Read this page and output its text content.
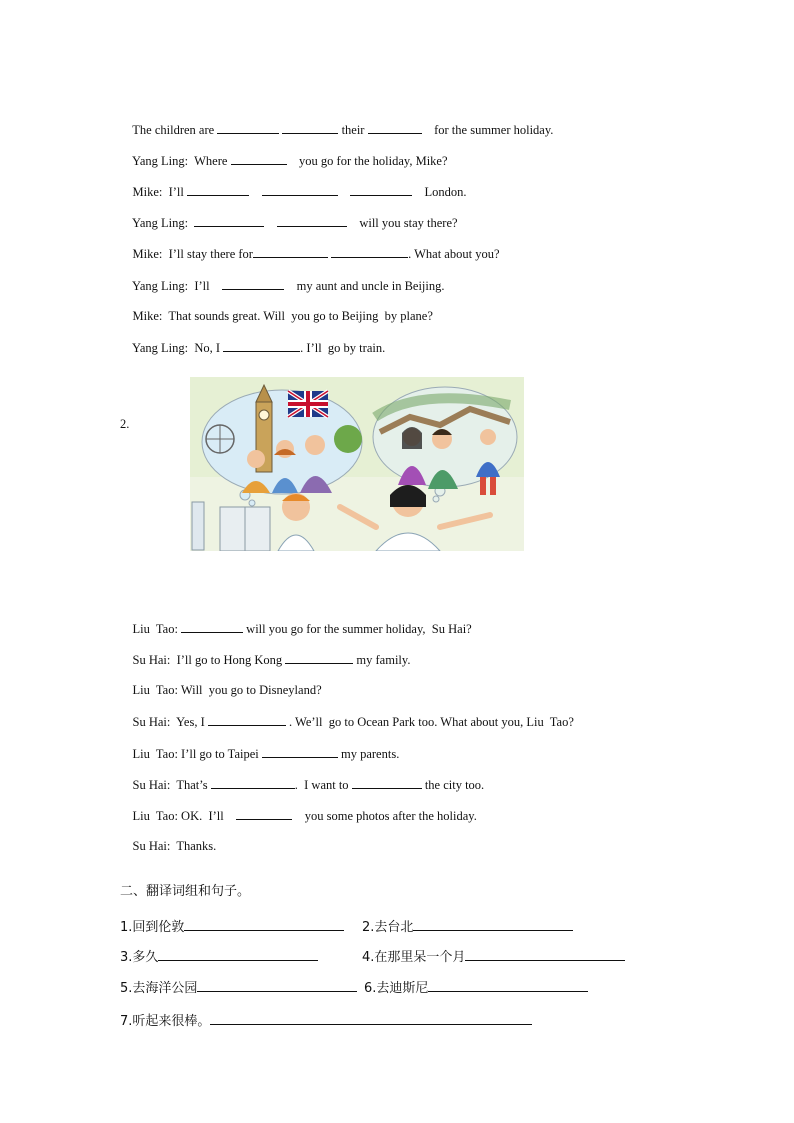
The children are	their	for the summer holiday.

Yang Ling:  Where	you go for the holiday, Mike?

Mike:  I’ll	London.

Yang Ling:	will you stay there?

Mike:  I’ll stay there for	. What about you?

Yang Ling:  I’ll	my aunt and uncle in Beijing.

Mike:  That sounds great. Will  you go to Beijing  by plane?

Yang Ling:  No, I	. I’ll  go by train.

2.

Liu  Tao:	will you go for the summer holiday,  Su Hai?

Su Hai:  I’ll go to Hong Kong	my family.

Liu  Tao: Will  you go to Disneyland?

Su Hai:  Yes, I	. We’ll  go to Ocean Park too. What about you, Liu  Tao?

Liu  Tao: I’ll go to Taipei	my parents.

Su Hai:  That’s	.  I want to	the city too.

Liu  Tao: OK.  I’ll	you some photos after the holiday.

Su Hai:  Thanks.

二、翻译词组和句子。
1.回到伦敦	2.去台北
3.多久	4.在那里呆一个月
5.去海洋公园	6.去迪斯尼
7.听起来很棒。
